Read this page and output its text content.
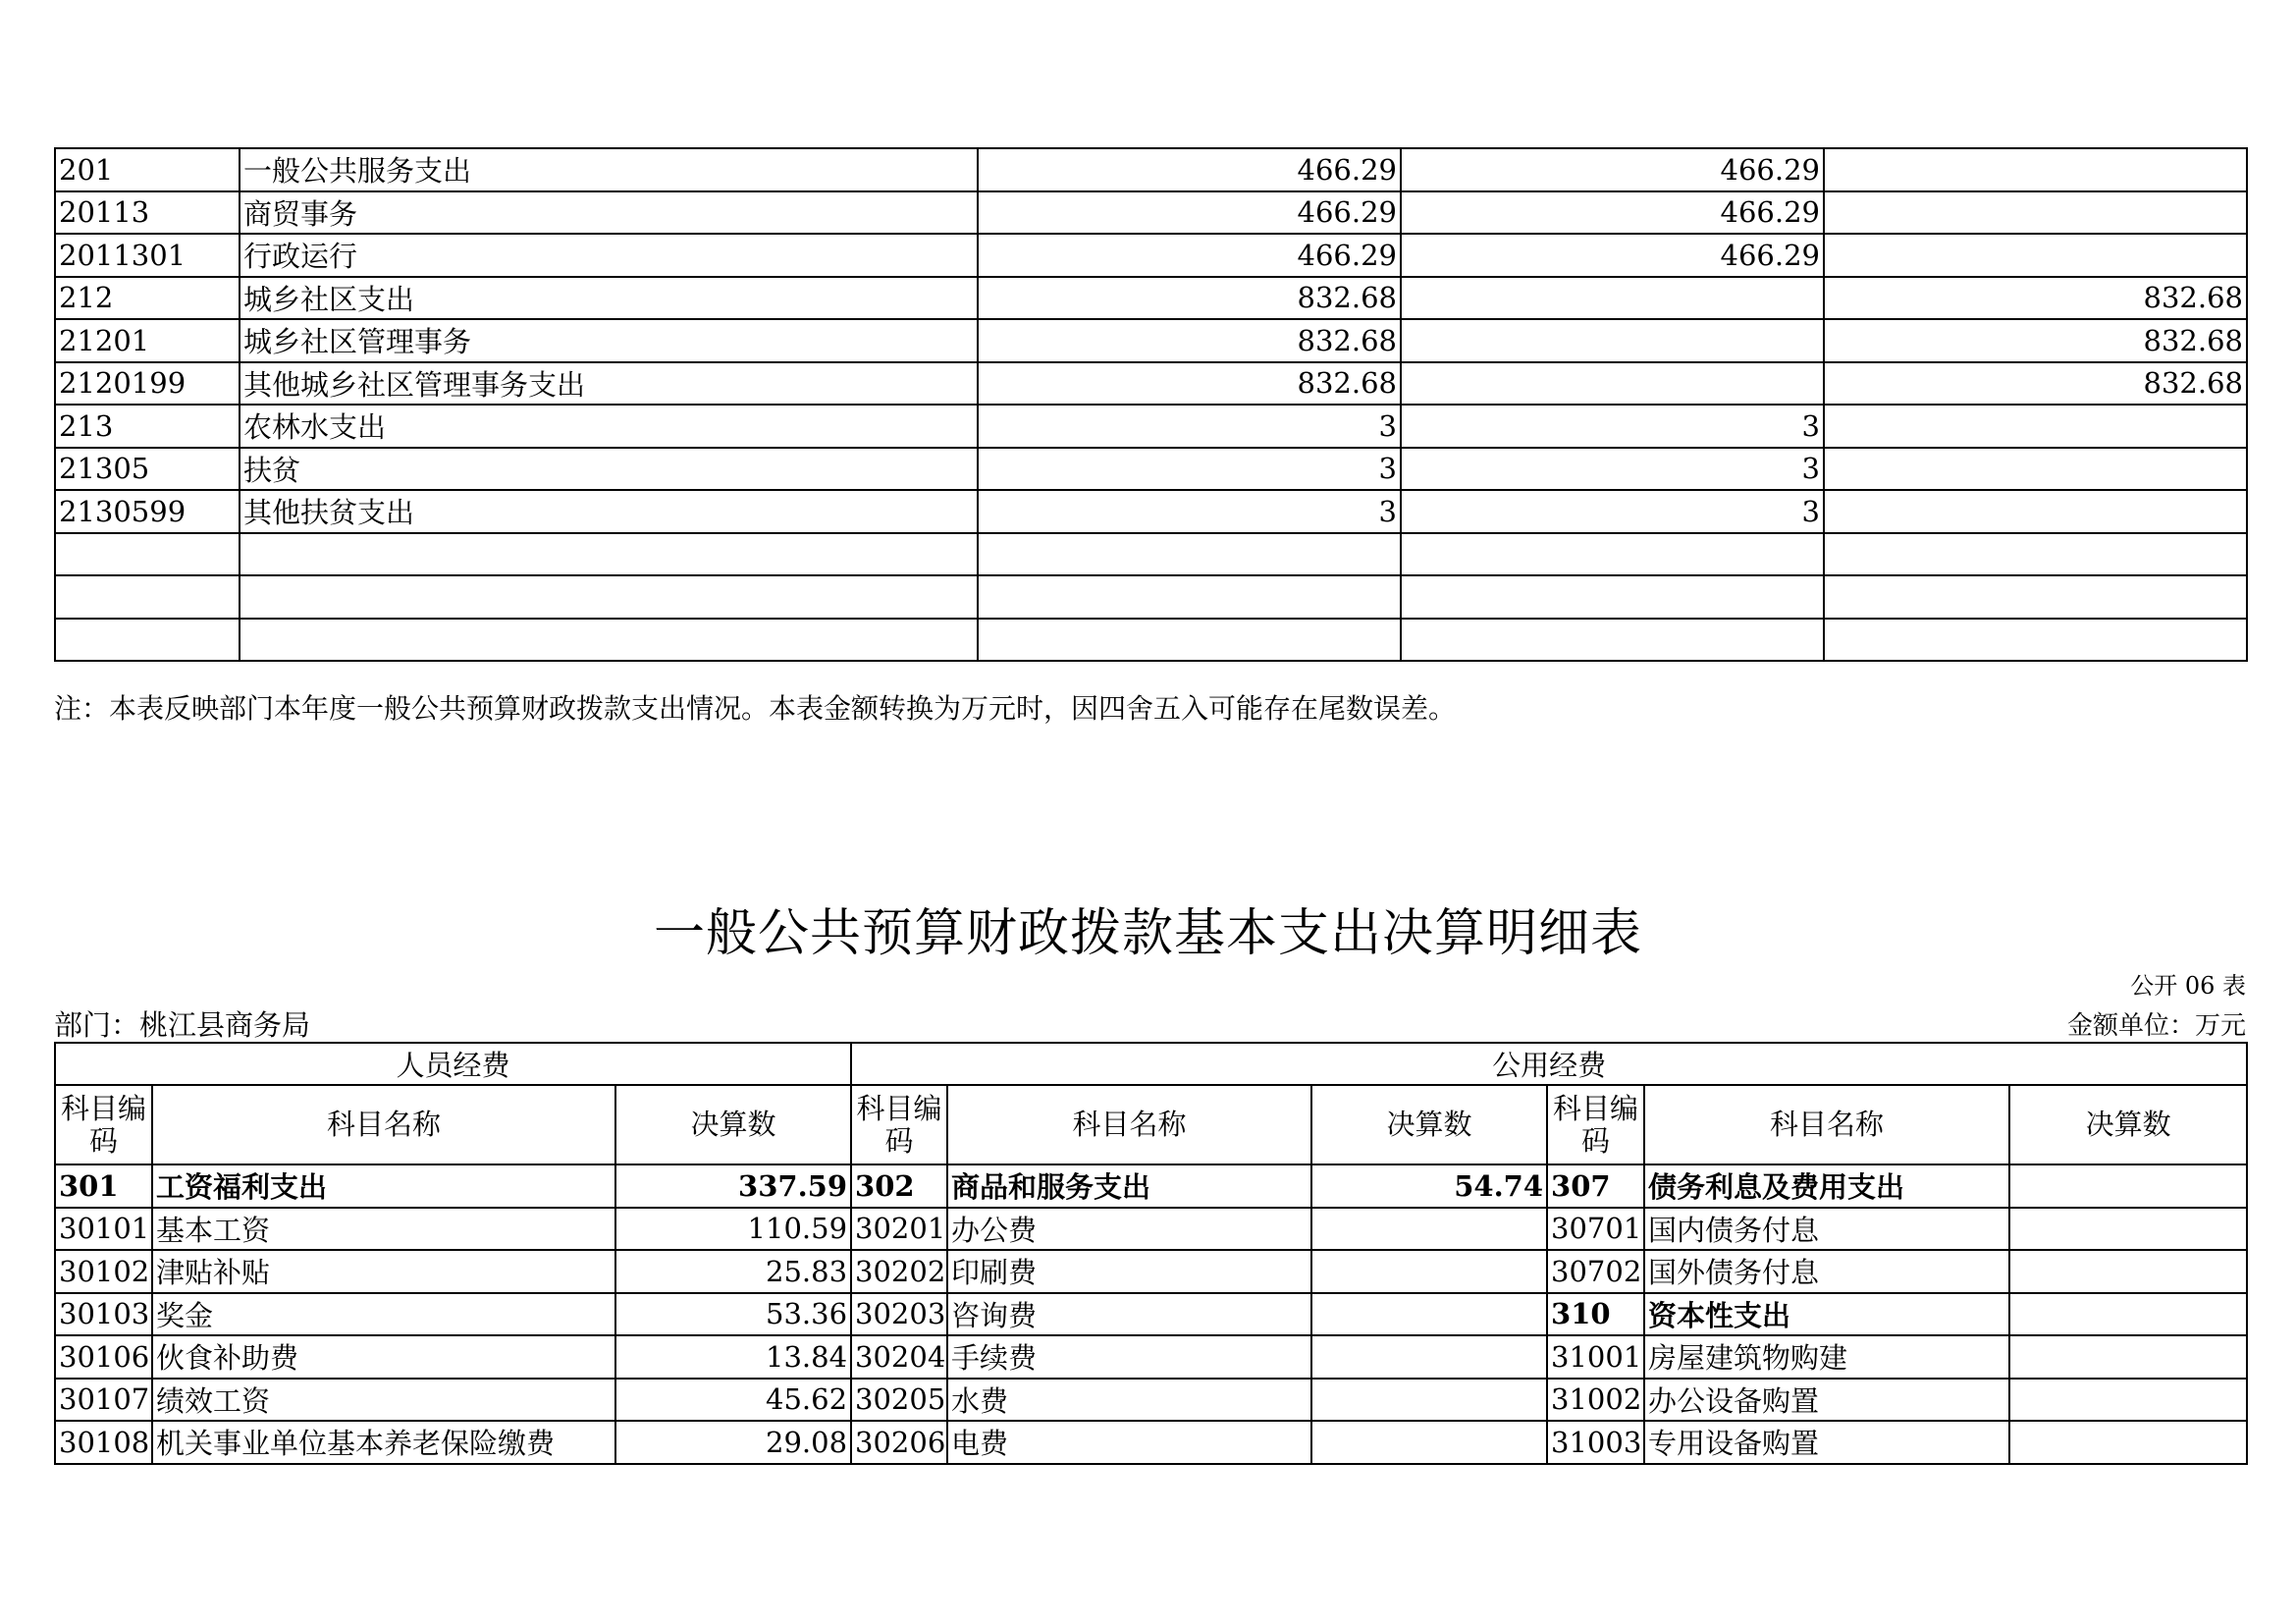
201	一般公共服务支出	466.29	466.29	
20113	商贸事务	466.29	466.29	
2011301	行政运行	466.29	466.29	
212	城乡社区支出	832.68		832.68
21201	城乡社区管理事务	832.68		832.68
2120199	其他城乡社区管理事务支出	832.68		832.68
213	农林水支出	3	3	
21305	扶贫	3	3	
2130599	其他扶贫支出	3	3	

注：本表反映部门本年度一般公共预算财政拨款支出情况。本表金额转换为万元时，因四舍五入可能存在尾数误差。
一般公共预算财政拨款基本支出决算明细表
公开 06 表
部门：桃江县商务局	金额单位：万元
人员经费			公用经费					
科目编码	科目名称	决算数	科目编码	科目名称	决算数	科目编码	科目名称	决算数
301	工资福利支出	337.59	302	商品和服务支出	54.74	307	债务利息及费用支出	
30101	基本工资	110.59	30201	办公费		30701	国内债务付息	
30102	津贴补贴	25.83	30202	印刷费		30702	国外债务付息	
30103	奖金	53.36	30203	咨询费		310	资本性支出	
30106	伙食补助费	13.84	30204	手续费		31001	房屋建筑物购建	
30107	绩效工资	45.62	30205	水费		31002	办公设备购置	
30108	机关事业单位基本养老保险缴费	29.08	30206	电费		31003	专用设备购置	
